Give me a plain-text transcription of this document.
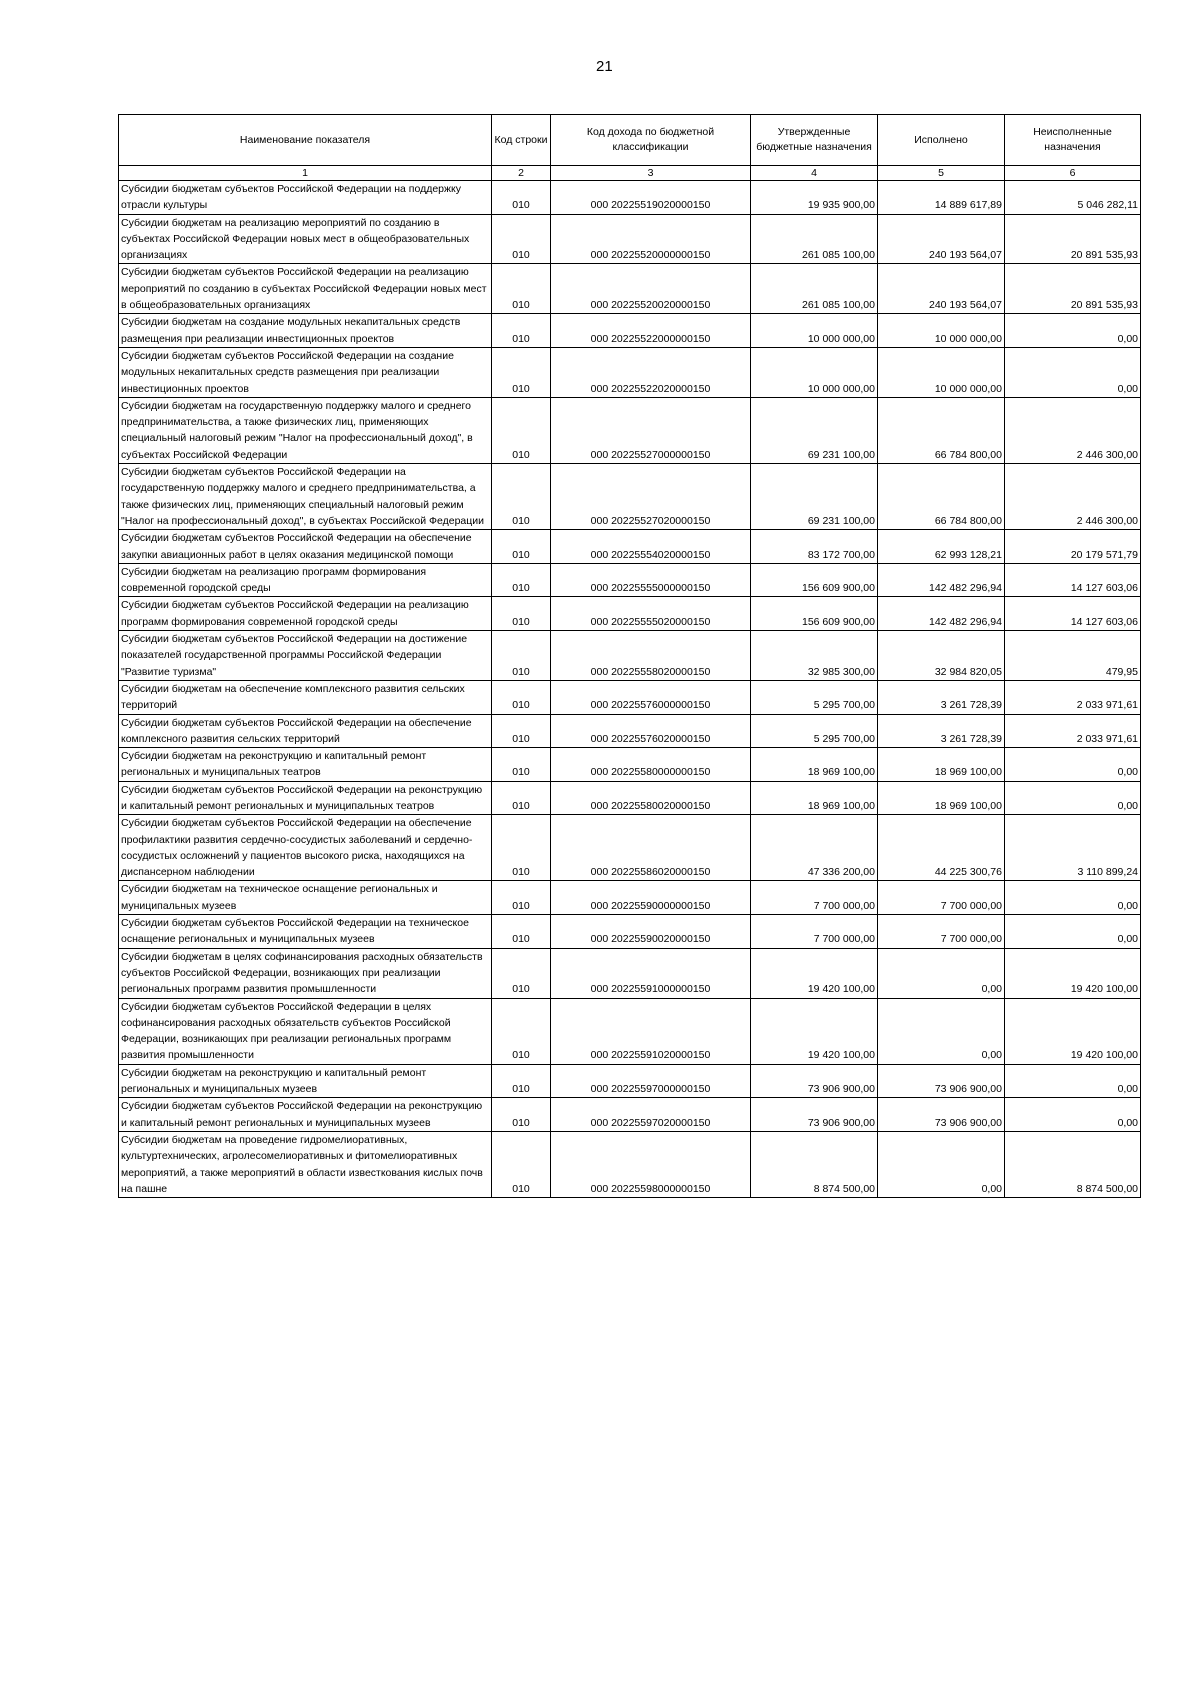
21
Наименование показателя	Код строки	Код дохода по бюджетной классификации	Утвержденные бюджетные назначения	Исполнено	Неисполненные назначения
1	2	3	4	5	6
Субсидии бюджетам субъектов Российской Федерации на поддержку отрасли культуры	010	000 20225519020000150	19 935 900,00	14 889 617,89	5 046 282,11
Субсидии бюджетам на реализацию мероприятий по созданию в субъектах Российской Федерации новых мест в общеобразовательных организациях	010	000 20225520000000150	261 085 100,00	240 193 564,07	20 891 535,93
Субсидии бюджетам субъектов Российской Федерации на реализацию мероприятий по созданию в субъектах Российской Федерации новых мест в общеобразовательных организациях	010	000 20225520020000150	261 085 100,00	240 193 564,07	20 891 535,93
Субсидии бюджетам на создание модульных некапитальных средств размещения при реализации инвестиционных проектов	010	000 20225522000000150	10 000 000,00	10 000 000,00	0,00
Субсидии бюджетам субъектов Российской Федерации на создание модульных некапитальных средств размещения при реализации инвестиционных проектов	010	000 20225522020000150	10 000 000,00	10 000 000,00	0,00
Субсидии бюджетам на государственную поддержку малого и среднего предпринимательства, а также физических лиц, применяющих специальный налоговый режим "Налог на профессиональный доход", в субъектах Российской Федерации	010	000 20225527000000150	69 231 100,00	66 784 800,00	2 446 300,00
Субсидии бюджетам субъектов Российской Федерации на государственную поддержку малого и среднего предпринимательства, а также физических лиц, применяющих специальный налоговый режим "Налог на профессиональный доход", в субъектах Российской Федерации	010	000 20225527020000150	69 231 100,00	66 784 800,00	2 446 300,00
Субсидии бюджетам субъектов Российской Федерации на обеспечение закупки авиационных работ в целях оказания медицинской помощи	010	000 20225554020000150	83 172 700,00	62 993 128,21	20 179 571,79
Субсидии бюджетам на реализацию программ формирования современной городской среды	010	000 20225555000000150	156 609 900,00	142 482 296,94	14 127 603,06
Субсидии бюджетам субъектов Российской Федерации на реализацию программ формирования современной городской среды	010	000 20225555020000150	156 609 900,00	142 482 296,94	14 127 603,06
Субсидии бюджетам субъектов Российской Федерации на достижение показателей государственной программы Российской Федерации "Развитие туризма"	010	000 20225558020000150	32 985 300,00	32 984 820,05	479,95
Субсидии бюджетам на обеспечение комплексного развития сельских территорий	010	000 20225576000000150	5 295 700,00	3 261 728,39	2 033 971,61
Субсидии бюджетам субъектов Российской Федерации на обеспечение комплексного развития сельских территорий	010	000 20225576020000150	5 295 700,00	3 261 728,39	2 033 971,61
Субсидии бюджетам на реконструкцию и капитальный ремонт региональных и муниципальных театров	010	000 20225580000000150	18 969 100,00	18 969 100,00	0,00
Субсидии бюджетам субъектов Российской Федерации на реконструкцию и капитальный ремонт региональных и муниципальных театров	010	000 20225580020000150	18 969 100,00	18 969 100,00	0,00
Субсидии бюджетам субъектов Российской Федерации на обеспечение профилактики развития сердечно-сосудистых заболеваний и сердечно-сосудистых осложнений у пациентов высокого риска, находящихся на диспансерном наблюдении	010	000 20225586020000150	47 336 200,00	44 225 300,76	3 110 899,24
Субсидии бюджетам на техническое оснащение региональных и муниципальных музеев	010	000 20225590000000150	7 700 000,00	7 700 000,00	0,00
Субсидии бюджетам субъектов Российской Федерации на техническое оснащение региональных и муниципальных музеев	010	000 20225590020000150	7 700 000,00	7 700 000,00	0,00
Субсидии бюджетам в целях софинансирования расходных обязательств субъектов Российской Федерации, возникающих при реализации региональных программ развития промышленности	010	000 20225591000000150	19 420 100,00	0,00	19 420 100,00
Субсидии бюджетам субъектов Российской Федерации в целях софинансирования расходных обязательств субъектов Российской Федерации, возникающих при реализации региональных программ развития промышленности	010	000 20225591020000150	19 420 100,00	0,00	19 420 100,00
Субсидии бюджетам на реконструкцию и капитальный ремонт региональных и муниципальных музеев	010	000 20225597000000150	73 906 900,00	73 906 900,00	0,00
Субсидии бюджетам субъектов Российской Федерации на реконструкцию и капитальный ремонт региональных и муниципальных музеев	010	000 20225597020000150	73 906 900,00	73 906 900,00	0,00
Субсидии бюджетам на проведение гидромелиоративных, культуртехнических, агролесомелиоративных и фитомелиоративных мероприятий, а также мероприятий в области известкования кислых почв на пашне	010	000 20225598000000150	8 874 500,00	0,00	8 874 500,00
